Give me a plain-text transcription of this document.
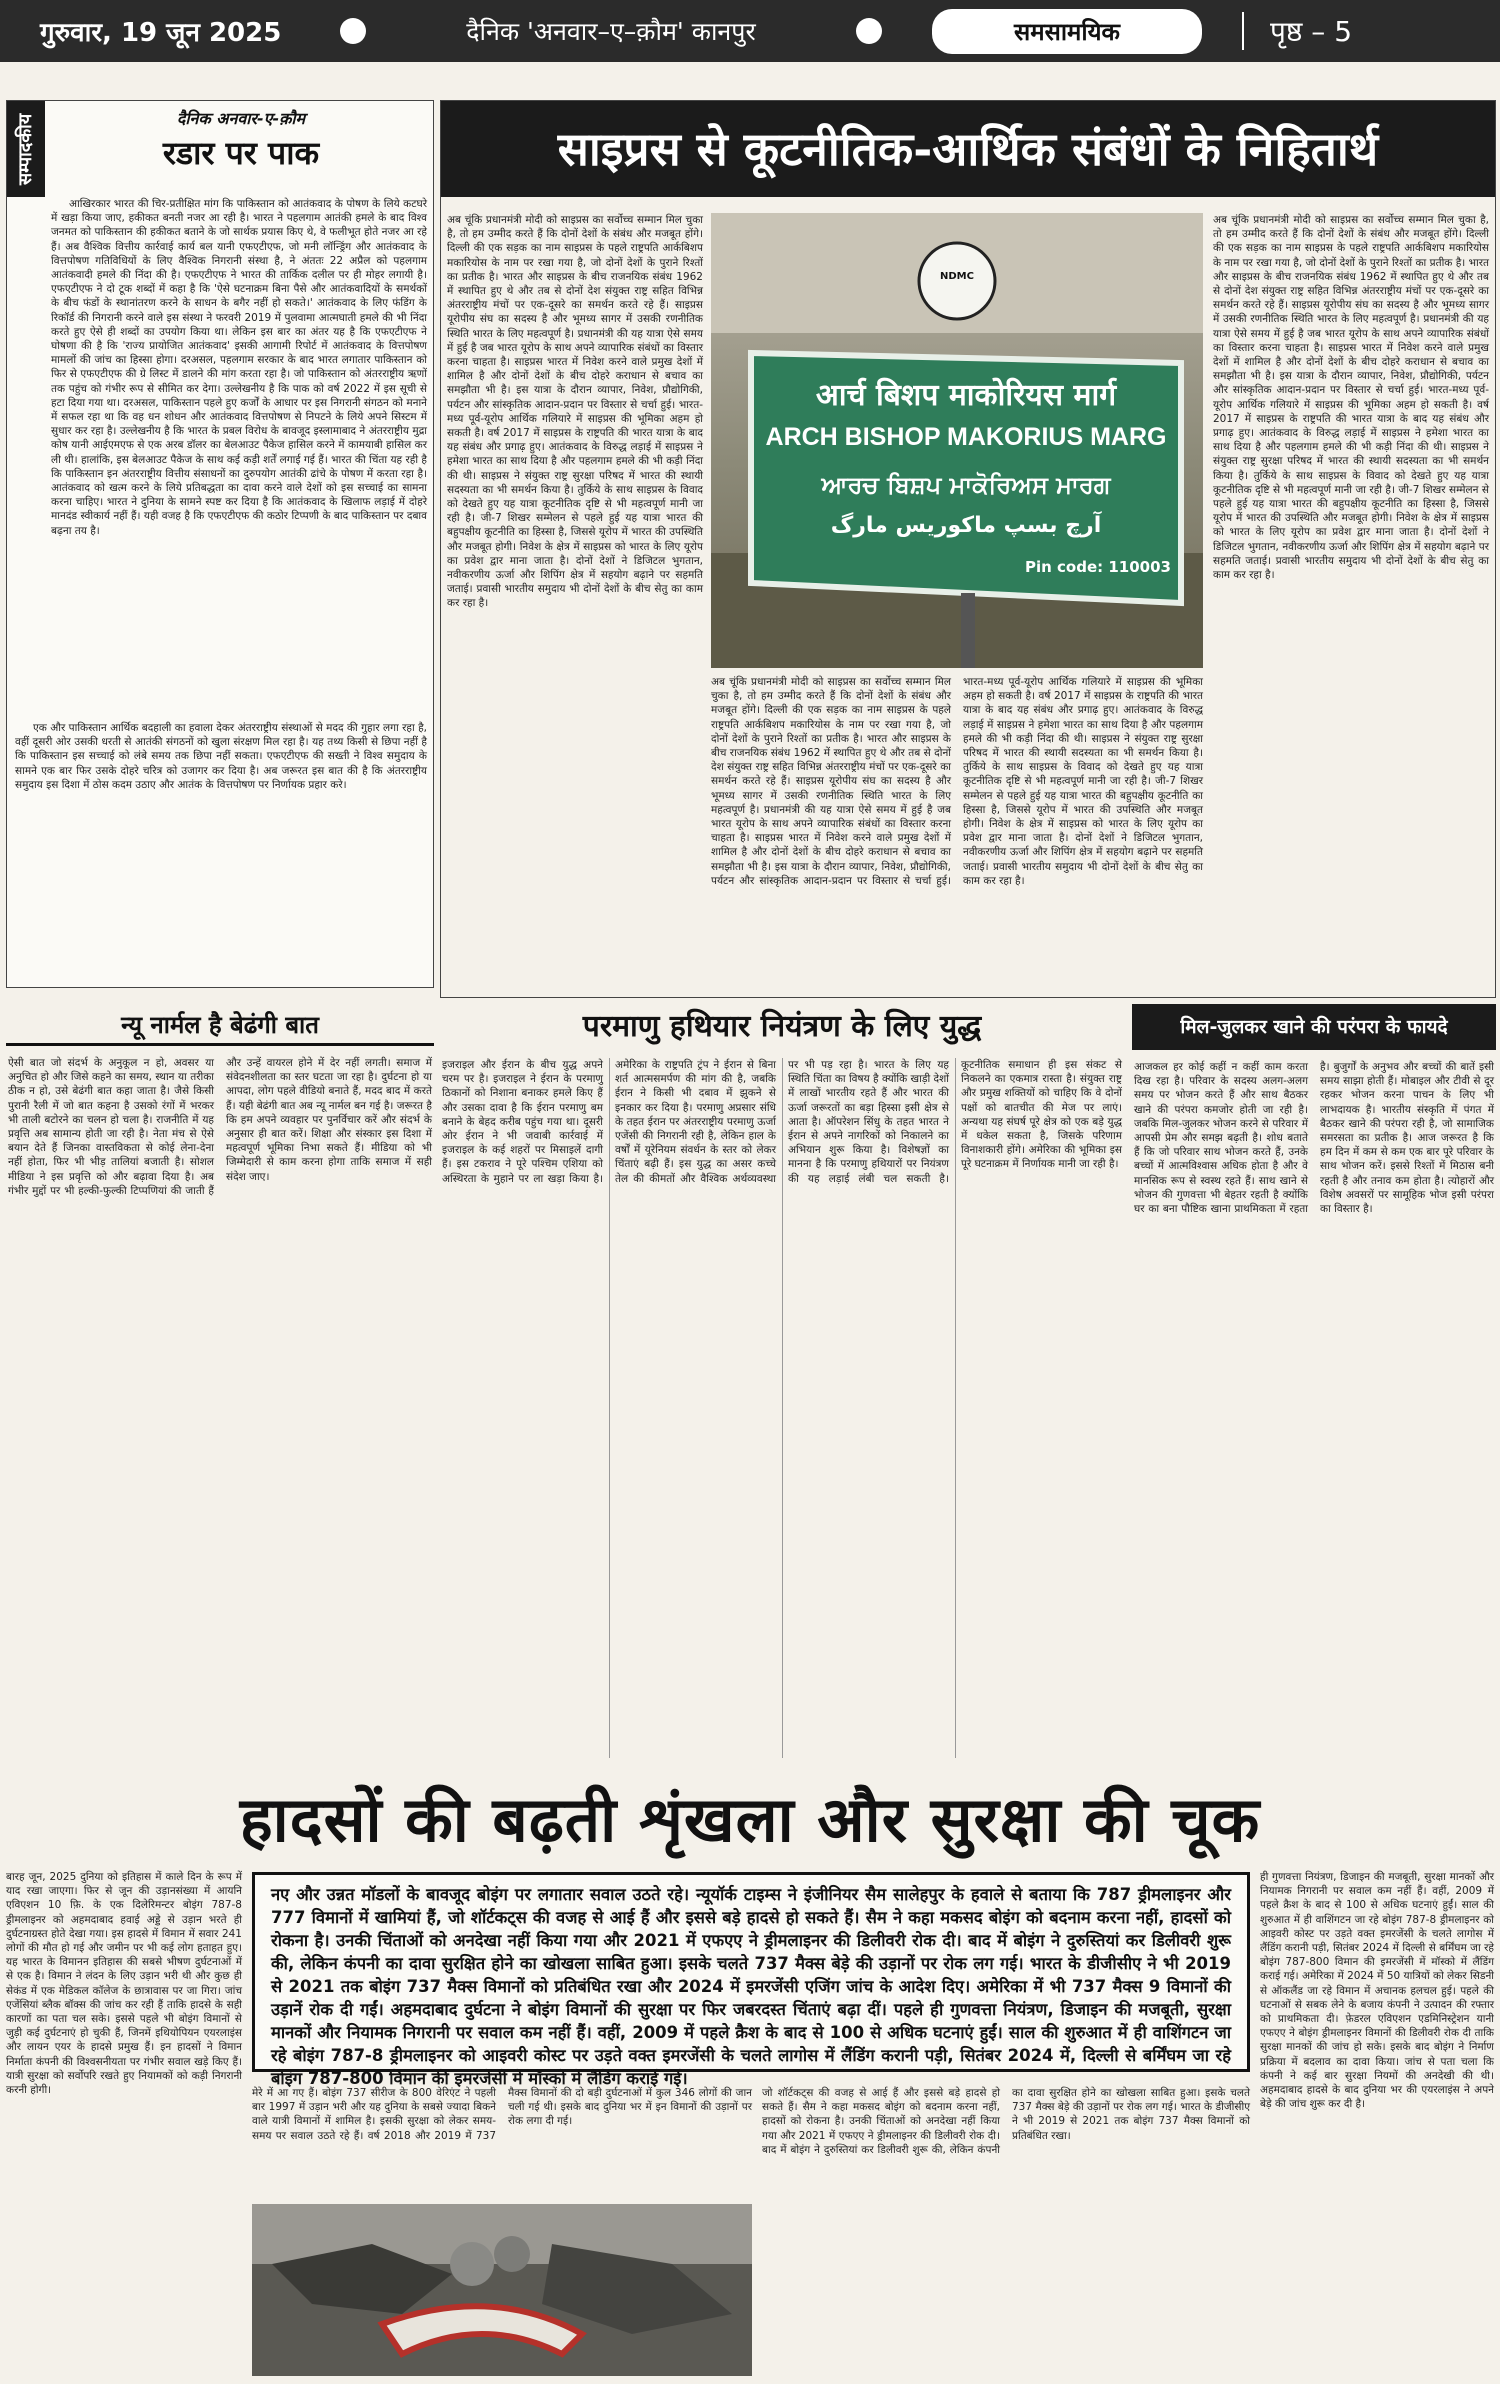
गुरुवार, 19 जून 2025	दैनिक 'अनवार–ए–क़ौम' कानपुर	समसामयिक	पृष्ठ – 5
सम्पादकीय	दैनिक अनवार-ए-क़ौम
रडार पर पाक
आखिरकार भारत की चिर-प्रतीक्षित मांग कि पाकिस्तान को आतंकवाद के पोषण के लिये कटघरे में खड़ा किया जाए, हकीकत बनती नजर आ रही है। भारत ने पहलगाम आतंकी हमले के बाद विश्व जनमत को पाकिस्तान की हकीकत बताने के जो सार्थक प्रयास किए थे, वे फलीभूत होते नजर आ रहे हैं। अब वैश्विक वित्तीय कार्रवाई कार्य बल यानी एफएटीएफ, जो मनी लॉन्ड्रिंग और आतंकवाद के वित्तपोषण गतिविधियों के लिए वैश्विक निगरानी संस्था है, ने अंततः 22 अप्रैल को पहलगाम आतंकवादी हमले की निंदा की है। एफएटीएफ ने भारत की तार्किक दलील पर ही मोहर लगायी है। एफएटीएफ ने दो टूक शब्दों में कहा है कि 'ऐसे घटनाक्रम बिना पैसे और आतंकवादियों के समर्थकों के बीच फंडों के स्थानांतरण करने के साधन के बगैर नहीं हो सकते।' आतंकवाद के लिए फंडिंग के रिकॉर्ड की निगरानी करने वाले इस संस्था ने फरवरी 2019 में पुलवामा आत्मघाती हमले की भी निंदा करते हुए ऐसे ही शब्दों का उपयोग किया था। लेकिन इस बार का अंतर यह है कि एफएटीएफ ने घोषणा की है कि 'राज्य प्रायोजित आतंकवाद' इसकी आगामी रिपोर्ट में आतंकवाद के वित्तपोषण मामलों की जांच का हिस्सा होगा। दरअसल, पहलगाम सरकार के बाद भारत लगातार पाकिस्तान को फिर से एफएटीएफ की ग्रे लिस्ट में डालने की मांग करता रहा है। जो पाकिस्तान को अंतरराष्ट्रीय ऋणों तक पहुंच को गंभीर रूप से सीमित कर देगा। उल्लेखनीय है कि पाक को वर्ष 2022 में इस सूची से हटा दिया गया था। दरअसल, पाकिस्तान पहले हुए कर्जों के आधार पर इस निगरानी संगठन को मनाने में सफल रहा था कि वह धन शोधन और आतंकवाद वित्तपोषण से निपटने के लिये अपने सिस्टम में सुधार कर रहा है। उल्लेखनीय है कि भारत के प्रबल विरोध के बावजूद इस्लामाबाद ने अंतरराष्ट्रीय मुद्रा कोष यानी आईएमएफ से एक अरब डॉलर का बेलआउट पैकेज हासिल करने में कामयाबी हासिल कर ली थी। हालांकि, इस बेलआउट पैकेज के साथ कई कड़ी शर्तें लगाई गई हैं। भारत की चिंता यह रही है कि पाकिस्तान इन अंतरराष्ट्रीय वित्तीय संसाधनों का दुरुपयोग आतंकी ढांचे के पोषण में करता रहा है। आतंकवाद को खत्म करने के लिये प्रतिबद्धता का दावा करने वाले देशों को इस सच्चाई का सामना करना चाहिए। भारत ने दुनिया के सामने स्पष्ट कर दिया है कि आतंकवाद के खिलाफ लड़ाई में दोहरे मानदंड स्वीकार्य नहीं हैं। यही वजह है कि एफएटीएफ की कठोर टिप्पणी के बाद पाकिस्तान पर दबाव बढ़ना तय है।
एक और पाकिस्तान आर्थिक बदहाली का हवाला देकर अंतरराष्ट्रीय संस्थाओं से मदद की गुहार लगा रहा है, वहीं दूसरी ओर उसकी धरती से आतंकी संगठनों को खुला संरक्षण मिल रहा है। यह तथ्य किसी से छिपा नहीं है कि पाकिस्तान इस सच्चाई को लंबे समय तक छिपा नहीं सकता। एफएटीएफ की सख्ती ने विश्व समुदाय के सामने एक बार फिर उसके दोहरे चरित्र को उजागर कर दिया है। अब जरूरत इस बात की है कि अंतरराष्ट्रीय समुदाय इस दिशा में ठोस कदम उठाए और आतंक के वित्तपोषण पर निर्णायक प्रहार करे।
साइप्रस से कूटनीतिक-आर्थिक संबंधों के निहितार्थ
NDMC
आर्च बिशप माकोरियस मार्ग
ARCH BISHOP MAKORIUS MARG
ਆਰਚ ਬਿਸ਼ਪ ਮਾਕੋਰਿਅਸ ਮਾਰਗ
آرچ بسپ ماکوریس مارگ
Pin code: 110003
अब चूंकि प्रधानमंत्री मोदी को साइप्रस का सर्वोच्च सम्मान मिल चुका है, तो हम उम्मीद करते हैं कि दोनों देशों के संबंध और मजबूत होंगे। दिल्ली की एक सड़क का नाम साइप्रस के पहले राष्ट्रपति आर्कबिशप मकारियोस के नाम पर रखा गया है, जो दोनों देशों के पुराने रिश्तों का प्रतीक है। भारत और साइप्रस के बीच राजनयिक संबंध 1962 में स्थापित हुए थे और तब से दोनों देश संयुक्त राष्ट्र सहित विभिन्न अंतरराष्ट्रीय मंचों पर एक-दूसरे का समर्थन करते रहे हैं। साइप्रस यूरोपीय संघ का सदस्य है और भूमध्य सागर में उसकी रणनीतिक स्थिति भारत के लिए महत्वपूर्ण है। प्रधानमंत्री की यह यात्रा ऐसे समय में हुई है जब भारत यूरोप के साथ अपने व्यापारिक संबंधों का विस्तार करना चाहता है। साइप्रस भारत में निवेश करने वाले प्रमुख देशों में शामिल है और दोनों देशों के बीच दोहरे कराधान से बचाव का समझौता भी है। इस यात्रा के दौरान व्यापार, निवेश, प्रौद्योगिकी, पर्यटन और सांस्कृतिक आदान-प्रदान पर विस्तार से चर्चा हुई। भारत-मध्य पूर्व-यूरोप आर्थिक गलियारे में साइप्रस की भूमिका अहम हो सकती है। वर्ष 2017 में साइप्रस के राष्ट्रपति की भारत यात्रा के बाद यह संबंध और प्रगाढ़ हुए। आतंकवाद के विरुद्ध लड़ाई में साइप्रस ने हमेशा भारत का साथ दिया है और पहलगाम हमले की भी कड़ी निंदा की थी। साइप्रस ने संयुक्त राष्ट्र सुरक्षा परिषद में भारत की स्थायी सदस्यता का भी समर्थन किया है। तुर्किये के साथ साइप्रस के विवाद को देखते हुए यह यात्रा कूटनीतिक दृष्टि से भी महत्वपूर्ण मानी जा रही है। जी-7 शिखर सम्मेलन से पहले हुई यह यात्रा भारत की बहुपक्षीय कूटनीति का हिस्सा है, जिससे यूरोप में भारत की उपस्थिति और मजबूत होगी। निवेश के क्षेत्र में साइप्रस को भारत के लिए यूरोप का प्रवेश द्वार माना जाता है। दोनों देशों ने डिजिटल भुगतान, नवीकरणीय ऊर्जा और शिपिंग क्षेत्र में सहयोग बढ़ाने पर सहमति जताई। प्रवासी भारतीय समुदाय भी दोनों देशों के बीच सेतु का काम कर रहा है।
अब चूंकि प्रधानमंत्री मोदी को साइप्रस का सर्वोच्च सम्मान मिल चुका है, तो हम उम्मीद करते हैं कि दोनों देशों के संबंध और मजबूत होंगे। दिल्ली की एक सड़क का नाम साइप्रस के पहले राष्ट्रपति आर्कबिशप मकारियोस के नाम पर रखा गया है, जो दोनों देशों के पुराने रिश्तों का प्रतीक है। भारत और साइप्रस के बीच राजनयिक संबंध 1962 में स्थापित हुए थे और तब से दोनों देश संयुक्त राष्ट्र सहित विभिन्न अंतरराष्ट्रीय मंचों पर एक-दूसरे का समर्थन करते रहे हैं। साइप्रस यूरोपीय संघ का सदस्य है और भूमध्य सागर में उसकी रणनीतिक स्थिति भारत के लिए महत्वपूर्ण है। प्रधानमंत्री की यह यात्रा ऐसे समय में हुई है जब भारत यूरोप के साथ अपने व्यापारिक संबंधों का विस्तार करना चाहता है। साइप्रस भारत में निवेश करने वाले प्रमुख देशों में शामिल है और दोनों देशों के बीच दोहरे कराधान से बचाव का समझौता भी है। इस यात्रा के दौरान व्यापार, निवेश, प्रौद्योगिकी, पर्यटन और सांस्कृतिक आदान-प्रदान पर विस्तार से चर्चा हुई। भारत-मध्य पूर्व-यूरोप आर्थिक गलियारे में साइप्रस की भूमिका अहम हो सकती है। वर्ष 2017 में साइप्रस के राष्ट्रपति की भारत यात्रा के बाद यह संबंध और प्रगाढ़ हुए। आतंकवाद के विरुद्ध लड़ाई में साइप्रस ने हमेशा भारत का साथ दिया है और पहलगाम हमले की भी कड़ी निंदा की थी। साइप्रस ने संयुक्त राष्ट्र सुरक्षा परिषद में भारत की स्थायी सदस्यता का भी समर्थन किया है। तुर्किये के साथ साइप्रस के विवाद को देखते हुए यह यात्रा कूटनीतिक दृष्टि से भी महत्वपूर्ण मानी जा रही है। जी-7 शिखर सम्मेलन से पहले हुई यह यात्रा भारत की बहुपक्षीय कूटनीति का हिस्सा है, जिससे यूरोप में भारत की उपस्थिति और मजबूत होगी। निवेश के क्षेत्र में साइप्रस को भारत के लिए यूरोप का प्रवेश द्वार माना जाता है। दोनों देशों ने डिजिटल भुगतान, नवीकरणीय ऊर्जा और शिपिंग क्षेत्र में सहयोग बढ़ाने पर सहमति जताई। प्रवासी भारतीय समुदाय भी दोनों देशों के बीच सेतु का काम कर रहा है।
अब चूंकि प्रधानमंत्री मोदी को साइप्रस का सर्वोच्च सम्मान मिल चुका है, तो हम उम्मीद करते हैं कि दोनों देशों के संबंध और मजबूत होंगे। दिल्ली की एक सड़क का नाम साइप्रस के पहले राष्ट्रपति आर्कबिशप मकारियोस के नाम पर रखा गया है, जो दोनों देशों के पुराने रिश्तों का प्रतीक है। भारत और साइप्रस के बीच राजनयिक संबंध 1962 में स्थापित हुए थे और तब से दोनों देश संयुक्त राष्ट्र सहित विभिन्न अंतरराष्ट्रीय मंचों पर एक-दूसरे का समर्थन करते रहे हैं। साइप्रस यूरोपीय संघ का सदस्य है और भूमध्य सागर में उसकी रणनीतिक स्थिति भारत के लिए महत्वपूर्ण है। प्रधानमंत्री की यह यात्रा ऐसे समय में हुई है जब भारत यूरोप के साथ अपने व्यापारिक संबंधों का विस्तार करना चाहता है। साइप्रस भारत में निवेश करने वाले प्रमुख देशों में शामिल है और दोनों देशों के बीच दोहरे कराधान से बचाव का समझौता भी है। इस यात्रा के दौरान व्यापार, निवेश, प्रौद्योगिकी, पर्यटन और सांस्कृतिक आदान-प्रदान पर विस्तार से चर्चा हुई। भारत-मध्य पूर्व-यूरोप आर्थिक गलियारे में साइप्रस की भूमिका अहम हो सकती है। वर्ष 2017 में साइप्रस के राष्ट्रपति की भारत यात्रा के बाद यह संबंध और प्रगाढ़ हुए। आतंकवाद के विरुद्ध लड़ाई में साइप्रस ने हमेशा भारत का साथ दिया है और पहलगाम हमले की भी कड़ी निंदा की थी। साइप्रस ने संयुक्त राष्ट्र सुरक्षा परिषद में भारत की स्थायी सदस्यता का भी समर्थन किया है। तुर्किये के साथ साइप्रस के विवाद को देखते हुए यह यात्रा कूटनीतिक दृष्टि से भी महत्वपूर्ण मानी जा रही है। जी-7 शिखर सम्मेलन से पहले हुई यह यात्रा भारत की बहुपक्षीय कूटनीति का हिस्सा है, जिससे यूरोप में भारत की उपस्थिति और मजबूत होगी। निवेश के क्षेत्र में साइप्रस को भारत के लिए यूरोप का प्रवेश द्वार माना जाता है। दोनों देशों ने डिजिटल भुगतान, नवीकरणीय ऊर्जा और शिपिंग क्षेत्र में सहयोग बढ़ाने पर सहमति जताई। प्रवासी भारतीय समुदाय भी दोनों देशों के बीच सेतु का काम कर रहा है।
न्यू नार्मल है बेढंगी बात
ऐसी बात जो संदर्भ के अनुकूल न हो, अवसर या अनुचित हो और जिसे कहने का समय, स्थान या तरीका ठीक न हो, उसे बेढंगी बात कहा जाता है। जैसे किसी पुरानी रैली में जो बात कहना है उसको रंगों में भरकर भी ताली बटोरने का चलन हो चला है। राजनीति में यह प्रवृत्ति अब सामान्य होती जा रही है। नेता मंच से ऐसे बयान देते हैं जिनका वास्तविकता से कोई लेना-देना नहीं होता, फिर भी भीड़ तालियां बजाती है। सोशल मीडिया ने इस प्रवृत्ति को और बढ़ावा दिया है। अब गंभीर मुद्दों पर भी हल्की-फुल्की टिप्पणियां की जाती हैं और उन्हें वायरल होने में देर नहीं लगती। समाज में संवेदनशीलता का स्तर घटता जा रहा है। दुर्घटना हो या आपदा, लोग पहले वीडियो बनाते हैं, मदद बाद में करते हैं। यही बेढंगी बात अब न्यू नार्मल बन गई है। जरूरत है कि हम अपने व्यवहार पर पुनर्विचार करें और संदर्भ के अनुसार ही बात करें। शिक्षा और संस्कार इस दिशा में महत्वपूर्ण भूमिका निभा सकते हैं। मीडिया को भी जिम्मेदारी से काम करना होगा ताकि समाज में सही संदेश जाए।
परमाणु हथियार नियंत्रण के लिए युद्ध
इजराइल और ईरान के बीच युद्ध अपने चरम पर है। इजराइल ने ईरान के परमाणु ठिकानों को निशाना बनाकर हमले किए हैं और उसका दावा है कि ईरान परमाणु बम बनाने के बेहद करीब पहुंच गया था। दूसरी ओर ईरान ने भी जवाबी कार्रवाई में इजराइल के कई शहरों पर मिसाइलें दागी हैं। इस टकराव ने पूरे पश्चिम एशिया को अस्थिरता के मुहाने पर ला खड़ा किया है। अमेरिका के राष्ट्रपति ट्रंप ने ईरान से बिना शर्त आत्मसमर्पण की मांग की है, जबकि ईरान ने किसी भी दबाव में झुकने से इनकार कर दिया है। परमाणु अप्रसार संधि के तहत ईरान पर अंतरराष्ट्रीय परमाणु ऊर्जा एजेंसी की निगरानी रही है, लेकिन हाल के वर्षों में यूरेनियम संवर्धन के स्तर को लेकर चिंताएं बढ़ी हैं। इस युद्ध का असर कच्चे तेल की कीमतों और वैश्विक अर्थव्यवस्था पर भी पड़ रहा है। भारत के लिए यह स्थिति चिंता का विषय है क्योंकि खाड़ी देशों में लाखों भारतीय रहते हैं और भारत की ऊर्जा जरूरतों का बड़ा हिस्सा इसी क्षेत्र से आता है। ऑपरेशन सिंधु के तहत भारत ने ईरान से अपने नागरिकों को निकालने का अभियान शुरू किया है। विशेषज्ञों का मानना है कि परमाणु हथियारों पर नियंत्रण की यह लड़ाई लंबी चल सकती है। कूटनीतिक समाधान ही इस संकट से निकलने का एकमात्र रास्ता है। संयुक्त राष्ट्र और प्रमुख शक्तियों को चाहिए कि वे दोनों पक्षों को बातचीत की मेज पर लाएं। अन्यथा यह संघर्ष पूरे क्षेत्र को एक बड़े युद्ध में धकेल सकता है, जिसके परिणाम विनाशकारी होंगे। अमेरिका की भूमिका इस पूरे घटनाक्रम में निर्णायक मानी जा रही है।
मिल-जुलकर खाने की परंपरा के फायदे
आजकल हर कोई कहीं न कहीं काम करता दिख रहा है। परिवार के सदस्य अलग-अलग समय पर भोजन करते हैं और साथ बैठकर खाने की परंपरा कमजोर होती जा रही है। जबकि मिल-जुलकर भोजन करने से परिवार में आपसी प्रेम और समझ बढ़ती है। शोध बताते हैं कि जो परिवार साथ भोजन करते हैं, उनके बच्चों में आत्मविश्वास अधिक होता है और वे मानसिक रूप से स्वस्थ रहते हैं। साथ खाने से भोजन की गुणवत्ता भी बेहतर रहती है क्योंकि घर का बना पौष्टिक खाना प्राथमिकता में रहता है। बुजुर्गों के अनुभव और बच्चों की बातें इसी समय साझा होती हैं। मोबाइल और टीवी से दूर रहकर भोजन करना पाचन के लिए भी लाभदायक है। भारतीय संस्कृति में पंगत में बैठकर खाने की परंपरा रही है, जो सामाजिक समरसता का प्रतीक है। आज जरूरत है कि हम दिन में कम से कम एक बार पूरे परिवार के साथ भोजन करें। इससे रिश्तों में मिठास बनी रहती है और तनाव कम होता है। त्योहारों और विशेष अवसरों पर सामूहिक भोज इसी परंपरा का विस्तार है।
हादसों की बढ़ती शृंखला और सुरक्षा की चूक
बारह जून, 2025 दुनिया को इतिहास में काले दिन के रूप में याद रखा जाएगा। फिर से जून की उड़ानसंख्या में आयनि एविएशन 10 फ़ि. के एक दिलेरिमन्टर बोइंग 787-8 ड्रीमलाइनर को अहमदाबाद हवाई अड्डे से उड़ान भरते ही दुर्घटनाग्रस्त होते देखा गया। इस हादसे में विमान में सवार 241 लोगों की मौत हो गई और जमीन पर भी कई लोग हताहत हुए। यह भारत के विमानन इतिहास की सबसे भीषण दुर्घटनाओं में से एक है। विमान ने लंदन के लिए उड़ान भरी थी और कुछ ही सेकंड में एक मेडिकल कॉलेज के छात्रावास पर जा गिरा। जांच एजेंसियां ब्लैक बॉक्स की जांच कर रही हैं ताकि हादसे के सही कारणों का पता चल सके। इससे पहले भी बोइंग विमानों से जुड़ी कई दुर्घटनाएं हो चुकी हैं, जिनमें इथियोपियन एयरलाइंस और लायन एयर के हादसे प्रमुख हैं। इन हादसों ने विमान निर्माता कंपनी की विश्वसनीयता पर गंभीर सवाल खड़े किए हैं। यात्री सुरक्षा को सर्वोपरि रखते हुए नियामकों को कड़ी निगरानी करनी होगी।
नए और उन्नत मॉडलों के बावजूद बोइंग पर लगातार सवाल उठते रहे। न्यूयॉर्क टाइम्स ने इंजीनियर सैम सालेहपुर के हवाले से बताया कि 787 ड्रीमलाइनर और 777 विमानों में खामियां हैं, जो शॉर्टकट्स की वजह से आई हैं और इससे बड़े हादसे हो सकते हैं। सैम ने कहा मकसद बोइंग को बदनाम करना नहीं, हादसों को रोकना है। उनकी चिंताओं को अनदेखा नहीं किया गया और 2021 में एफएए ने ड्रीमलाइनर की डिलीवरी रोक दी। बाद में बोइंग ने दुरुस्तियां कर डिलीवरी शुरू की, लेकिन कंपनी का दावा सुरक्षित होने का खोखला साबित हुआ। इसके चलते 737 मैक्स बेड़े की उड़ानों पर रोक लग गई। भारत के डीजीसीए ने भी 2019 से 2021 तक बोइंग 737 मैक्स विमानों को प्रतिबंधित रखा और 2024 में इमरजेंसी एजिंग जांच के आदेश दिए। अमेरिका में भी 737 मैक्स 9 विमानों की उड़ानें रोक दी गईं। अहमदाबाद दुर्घटना ने बोइंग विमानों की सुरक्षा पर फिर जबरदस्त चिंताएं बढ़ा दीं। पहले ही गुणवत्ता नियंत्रण, डिजाइन की मजबूती, सुरक्षा मानकों और नियामक निगरानी पर सवाल कम नहीं हैं। वहीं, 2009 में पहले क्रैश के बाद से 100 से अधिक घटनाएं हुईं। साल की शुरुआत में ही वाशिंगटन जा रहे बोइंग 787-8 ड्रीमलाइनर को आइवरी कोस्ट पर उड़ते वक्त इमरजेंसी के चलते लागोस में लैंडिंग करानी पड़ी, सितंबर 2024 में, दिल्ली से बर्मिंघम जा रहे बोइंग 787-800 विमान की इमरजेंसी में मॉस्को में लैंडिंग कराई गई।
मेरे में आ गए हैं। बोइंग 737 सीरीज के 800 वेरिएंट ने पहली बार 1997 में उड़ान भरी और यह दुनिया के सबसे ज्यादा बिकने वाले यात्री विमानों में शामिल है। इसकी सुरक्षा को लेकर समय-समय पर सवाल उठते रहे हैं। वर्ष 2018 और 2019 में 737 मैक्स विमानों की दो बड़ी दुर्घटनाओं में कुल 346 लोगों की जान चली गई थी। इसके बाद दुनिया भर में इन विमानों की उड़ानों पर रोक लगा दी गई।
जो शॉर्टकट्स की वजह से आई हैं और इससे बड़े हादसे हो सकते हैं। सैम ने कहा मकसद बोइंग को बदनाम करना नहीं, हादसों को रोकना है। उनकी चिंताओं को अनदेखा नहीं किया गया और 2021 में एफएए ने ड्रीमलाइनर की डिलीवरी रोक दी। बाद में बोइंग ने दुरुस्तियां कर डिलीवरी शुरू की, लेकिन कंपनी का दावा सुरक्षित होने का खोखला साबित हुआ। इसके चलते 737 मैक्स बेड़े की उड़ानों पर रोक लग गई। भारत के डीजीसीए ने भी 2019 से 2021 तक बोइंग 737 मैक्स विमानों को प्रतिबंधित रखा।
ही गुणवत्ता नियंत्रण, डिजाइन की मजबूती, सुरक्षा मानकों और नियामक निगरानी पर सवाल कम नहीं हैं। वहीं, 2009 में पहले क्रैश के बाद से 100 से अधिक घटनाएं हुईं। साल की शुरुआत में ही वाशिंगटन जा रहे बोइंग 787-8 ड्रीमलाइनर को आइवरी कोस्ट पर उड़ते वक्त इमरजेंसी के चलते लागोस में लैंडिंग करानी पड़ी, सितंबर 2024 में दिल्ली से बर्मिंघम जा रहे बोइंग 787-800 विमान की इमरजेंसी में मॉस्को में लैंडिंग कराई गई। अमेरिका में 2024 में 50 यात्रियों को लेकर सिडनी से ऑकलैंड जा रहे विमान में अचानक हलचल हुई। पहले की घटनाओं से सबक लेने के बजाय कंपनी ने उत्पादन की रफ्तार को प्राथमिकता दी। फ़ेडरल एविएशन एडमिनिस्ट्रेशन यानी एफएए ने बोइंग ड्रीमलाइनर विमानों की डिलीवरी रोक दी ताकि सुरक्षा मानकों की जांच हो सके। इसके बाद बोइंग ने निर्माण प्रक्रिया में बदलाव का दावा किया। जांच से पता चला कि कंपनी ने कई बार सुरक्षा नियमों की अनदेखी की थी। अहमदाबाद हादसे के बाद दुनिया भर की एयरलाइंस ने अपने बेड़े की जांच शुरू कर दी है।
